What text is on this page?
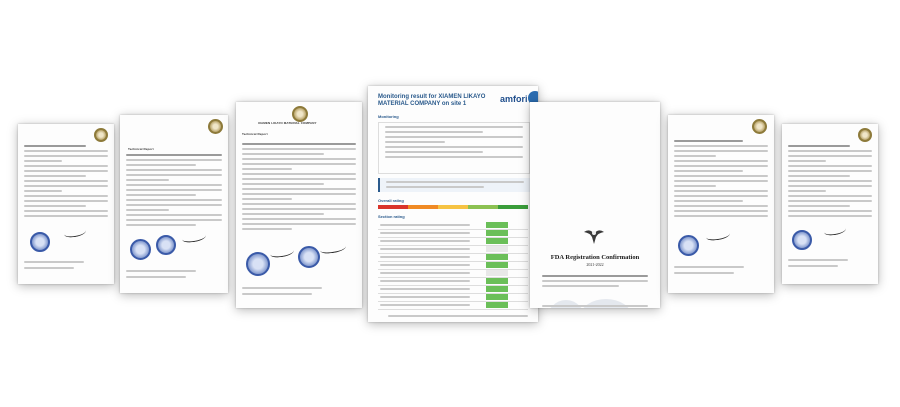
Technical Report
XIAMEN LIKAYO MATERIAL COMPANY
Technical Report
Monitoring result for XIAMEN LIKAYO MATERIAL COMPANY on site 1	amfori
Monitoring
Overall rating
Section rating
FDA Registration Confirmation
2021-2022
